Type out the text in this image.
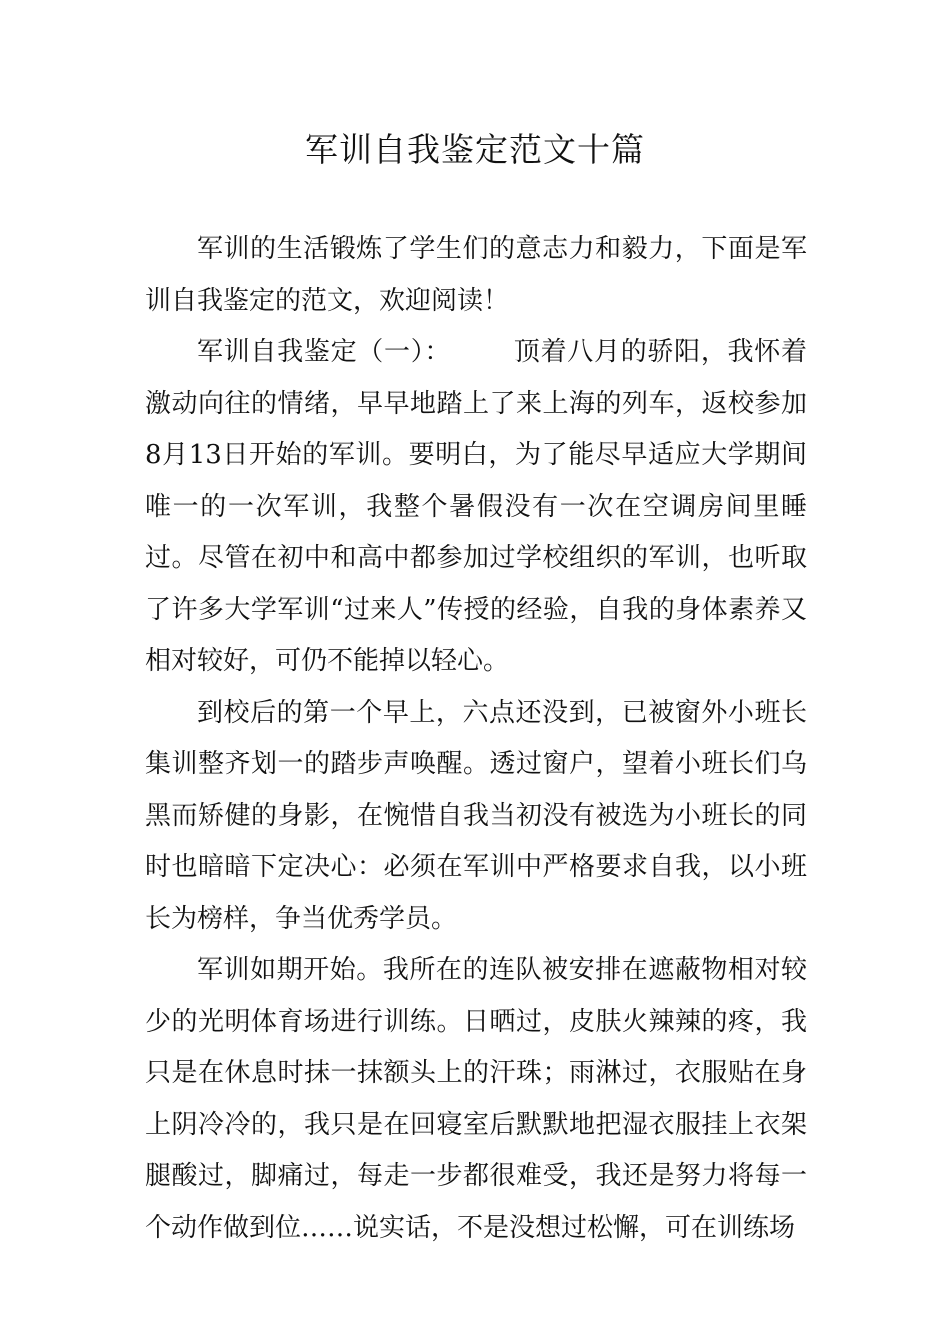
军训自我鉴定范文十篇

军训的生活锻炼了学生们的意志力和毅力，下面是军训自我鉴定的范文，欢迎阅读！

军训自我鉴定（一）： 顶着八月的骄阳，我怀着激动向往的情绪，早早地踏上了来上海的列车，返校参加8月13日开始的军训。要明白，为了能尽早适应大学期间唯一的一次军训，我整个暑假没有一次在空调房间里睡过。尽管在初中和高中都参加过学校组织的军训，也听取了许多大学军训“过来人”传授的经验，自我的身体素养又相对较好，可仍不能掉以轻心。

到校后的第一个早上，六点还没到，已被窗外小班长集训整齐划一的踏步声唤醒。透过窗户，望着小班长们乌黑而矫健的身影，在惋惜自我当初没有被选为小班长的同时也暗暗下定决心：必须在军训中严格要求自我，以小班长为榜样，争当优秀学员。

军训如期开始。我所在的连队被安排在遮蔽物相对较少的光明体育场进行训练。日晒过，皮肤火辣辣的疼，我只是在休息时抹一抹额头上的汗珠；雨淋过，衣服贴在身上阴冷冷的，我只是在回寝室后默默地把湿衣服挂上衣架腿酸过，脚痛过，每走一步都很难受，我还是努力将每一个动作做到位……说实话，不是没想过松懈，可在训练场
